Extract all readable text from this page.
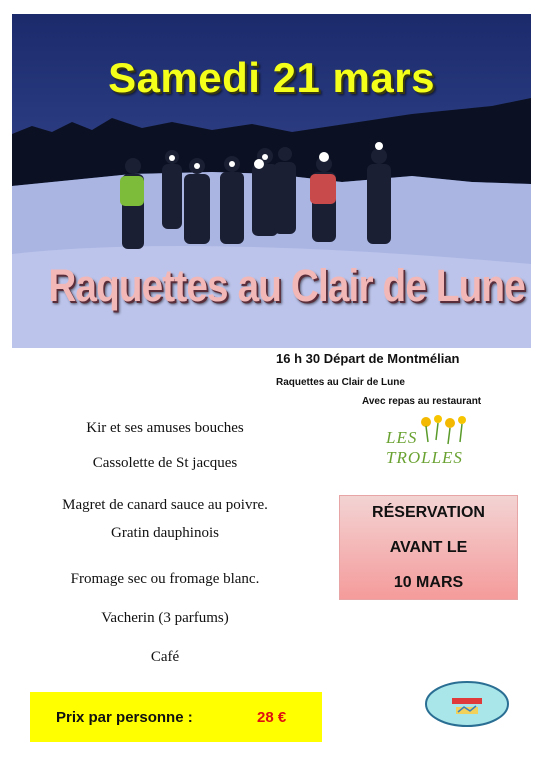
Samedi 21 mars
Raquettes au Clair de Lune
16 h 30 Départ de Montmélian
Raquettes au Clair de Lune
Avec repas au restaurant
LES TROLLES
Kir et ses amuses bouches
Cassolette de St jacques
Magret de canard sauce au poivre.
Gratin dauphinois
Fromage sec ou fromage blanc.
Vacherin (3 parfums)
Café
RÉSERVATION
AVANT LE
10 MARS
Prix par personne :	28 €
